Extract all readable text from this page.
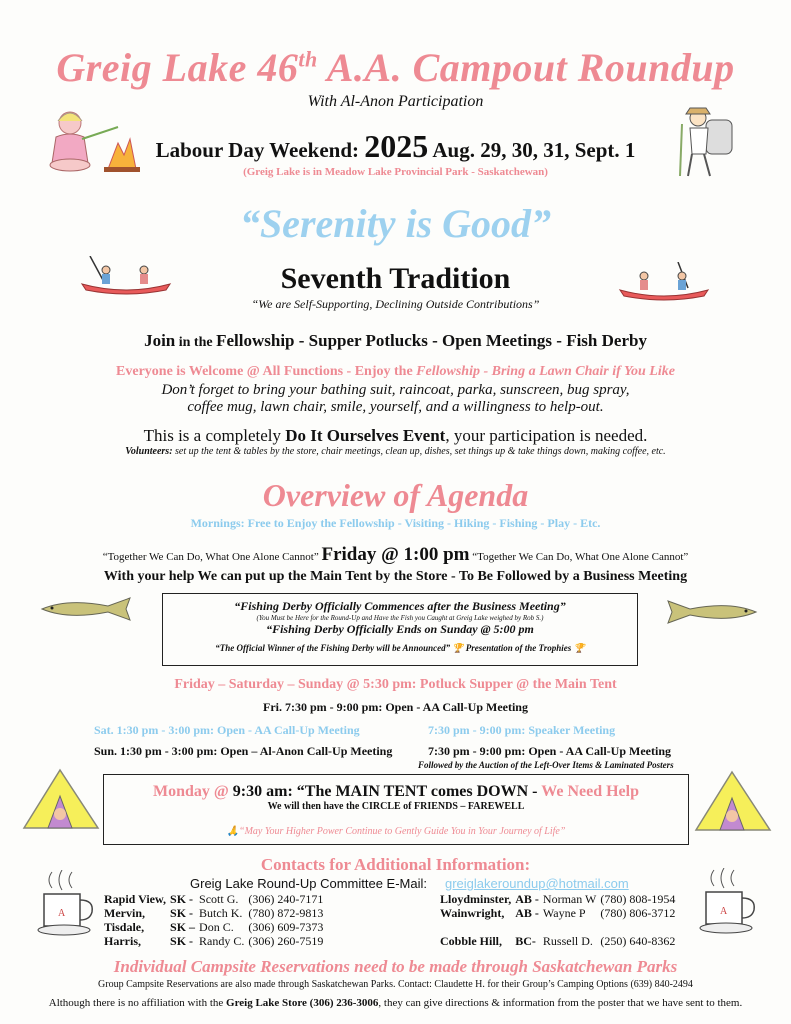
Greig Lake 46th A.A. Campout Roundup
With Al-Anon Participation
Labour Day Weekend: 2025 Aug. 29, 30, 31, Sept. 1
(Greig Lake is in Meadow Lake Provincial Park - Saskatchewan)
“Serenity is Good”
Seventh Tradition
“We are Self-Supporting, Declining Outside Contributions”
Join in the Fellowship - Supper Potlucks - Open Meetings - Fish Derby
Everyone is Welcome @ All Functions - Enjoy the Fellowship - Bring a Lawn Chair if You Like
Don’t forget to bring your bathing suit, raincoat, parka, sunscreen, bug spray,
coffee mug, lawn chair, smile, yourself, and a willingness to help-out.
This is a completely Do It Ourselves Event, your participation is needed.
Volunteers: set up the tent & tables by the store, chair meetings, clean up, dishes, set things up & take things down, making coffee, etc.
Overview of Agenda
Mornings: Free to Enjoy the Fellowship - Visiting - Hiking - Fishing - Play - Etc.
“Together We Can Do, What One Alone Cannot” Friday @ 1:00 pm “Together We Can Do, What One Alone Cannot”
With your help We can put up the Main Tent by the Store - To Be Followed by a Business Meeting
“Fishing Derby Officially Commences after the Business Meeting”
(You Must be Here for the Round-Up and Have the Fish you Caught at Greig Lake weighed by Rob S.)
“Fishing Derby Officially Ends on Sunday @ 5:00 pm
“The Official Winner of the Fishing Derby will be Announced” 🏆 Presentation of the Trophies 🏆
Friday – Saturday – Sunday @ 5:30 pm: Potluck Supper @ the Main Tent
Fri. 7:30 pm - 9:00 pm: Open - AA Call-Up Meeting
Sat. 1:30 pm - 3:00 pm: Open - AA Call-Up Meeting	7:30 pm - 9:00 pm: Speaker Meeting
Sun. 1:30 pm - 3:00 pm: Open – Al-Anon Call-Up Meeting	7:30 pm - 9:00 pm: Open - AA Call-Up Meeting
Followed by the Auction of the Left-Over Items & Laminated Posters
Monday @ 9:30 am: “The MAIN TENT comes DOWN - We Need Help
We will then have the CIRCLE of FRIENDS – FAREWELL
🙏“May Your Higher Power Continue to Gently Guide You in Your Journey of Life”
Contacts for Additional Information:
Greig Lake Round-Up Committee E-Mail: greiglakeroundup@hotmail.com
A	A
Rapid View,	SK -	Scott G.	(306) 240-7171
Mervin,	SK -	Butch K.	(780) 872-9813
Tisdale,	SK –	Don C.	(306) 609-7373
Harris,	SK -	Randy C.	(306) 260-7519
Lloydminster,	AB -	Norman W	(780) 808-1954
Wainwright,	AB -	Wayne P	(780) 806-3712

Cobble Hill,	BC-	Russell D.	(250) 640-8362
Individual Campsite Reservations need to be made through Saskatchewan Parks
Group Campsite Reservations are also made through Saskatchewan Parks. Contact: Claudette H. for their Group’s Camping Options (639) 840-2494
Although there is no affiliation with the Greig Lake Store (306) 236-3006, they can give directions & information from the poster that we have sent to them.
